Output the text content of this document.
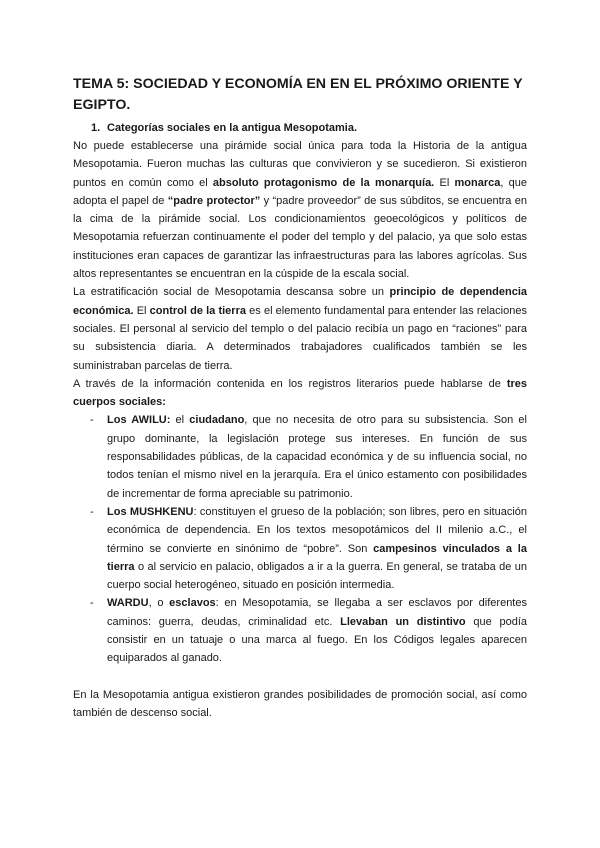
TEMA 5: SOCIEDAD Y ECONOMÍA EN EN EL PRÓXIMO ORIENTE Y EGIPTO.
1. Categorías sociales en la antigua Mesopotamia.

No puede establecerse una pirámide social única para toda la Historia de la antigua Mesopotamia. Fueron muchas las culturas que convivieron y se sucedieron. Si existieron puntos en común como el absoluto protagonismo de la monarquía. El monarca, que adopta el papel de “padre protector” y “padre proveedor” de sus súbditos, se encuentra en la cima de la pirámide social. Los condicionamientos geoecológicos y políticos de Mesopotamia refuerzan continuamente el poder del templo y del palacio, ya que solo estas instituciones eran capaces de garantizar las infraestructuras para las labores agrícolas. Sus altos representantes se encuentran en la cúspide de la escala social.

La estratificación social de Mesopotamia descansa sobre un principio de dependencia económica. El control de la tierra es el elemento fundamental para entender las relaciones sociales. El personal al servicio del templo o del palacio recibía un pago en “raciones” para su subsistencia diaria. A determinados trabajadores cualificados también se les suministraban parcelas de tierra.

A través de la información contenida en los registros literarios puede hablarse de tres cuerpos sociales:

- Los AWILU: el ciudadano, que no necesita de otro para su subsistencia. Son el grupo dominante, la legislación protege sus intereses. En función de sus responsabilidades públicas, de la capacidad económica y de su influencia social, no todos tenían el mismo nivel en la jerarquía. Era el único estamento con posibilidades de incrementar de forma apreciable su patrimonio.
- Los MUSHKENU: constituyen el grueso de la población; son libres, pero en situación económica de dependencia. En los textos mesopotámicos del II milenio a.C., el término se convierte en sinónimo de “pobre”. Son campesinos vinculados a la tierra o al servicio en palacio, obligados a ir a la guerra. En general, se trataba de un cuerpo social heterogéneo, situado en posición intermedia.
- WARDU, o esclavos: en Mesopotamia, se llegaba a ser esclavos por diferentes caminos: guerra, deudas, criminalidad etc. Llevaban un distintivo que podía consistir en un tatuaje o una marca al fuego. En los Códigos legales aparecen equiparados al ganado.

En la Mesopotamia antigua existieron grandes posibilidades de promoción social, así como también de descenso social.
